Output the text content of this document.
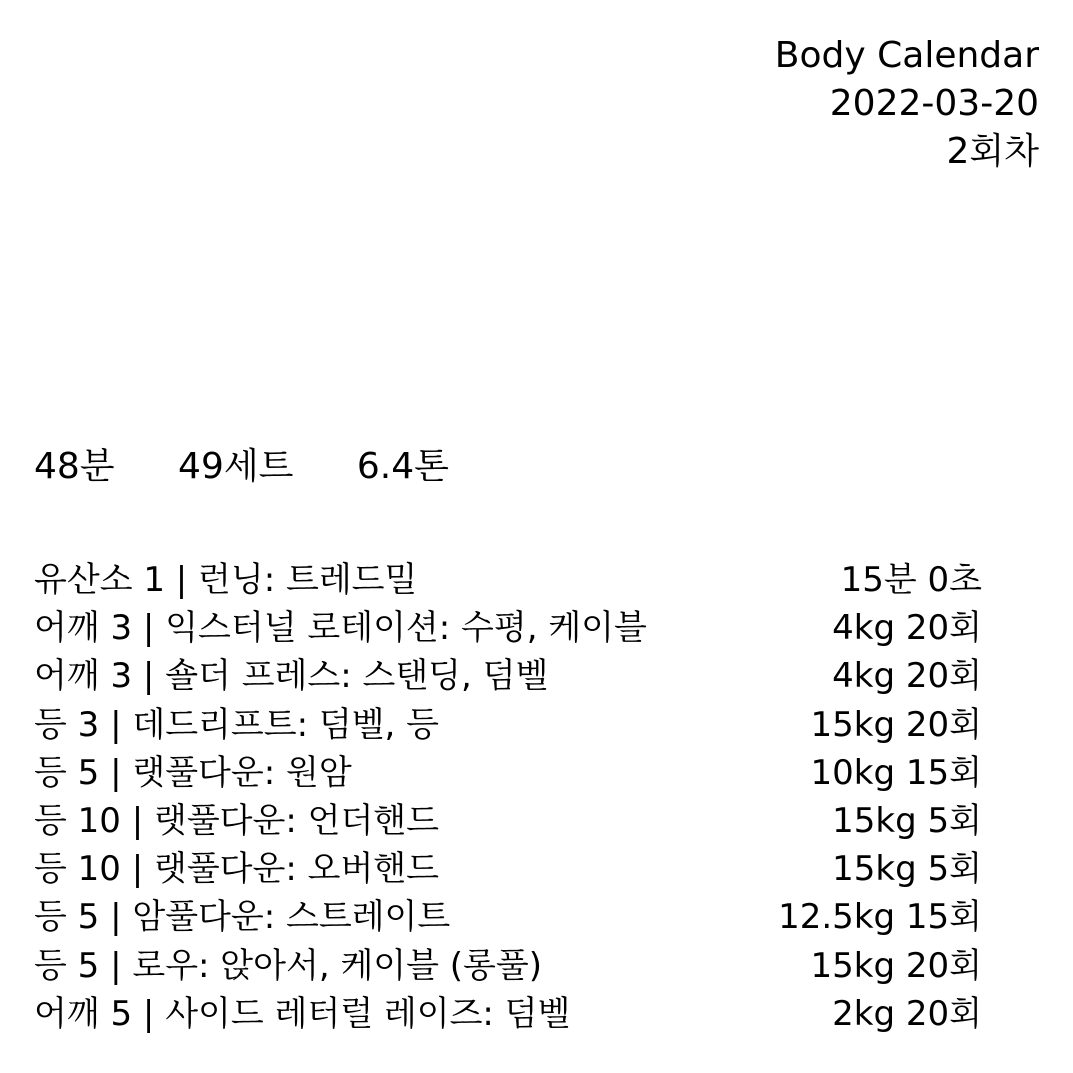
Body Calendar
2022-03-20
2회차
48분 49세트 6.4톤
유산소 1 | 런닝: 트레드밀	15분 0초
어깨 3 | 익스터널 로테이션: 수평, 케이블	4kg 20회
어깨 3 | 숄더 프레스: 스탠딩, 덤벨	4kg 20회
등 3 | 데드리프트: 덤벨, 등	15kg 20회
등 5 | 랫풀다운: 원암	10kg 15회
등 10 | 랫풀다운: 언더핸드	15kg 5회
등 10 | 랫풀다운: 오버핸드	15kg 5회
등 5 | 암풀다운: 스트레이트	12.5kg 15회
등 5 | 로우: 앉아서, 케이블 (롱풀)	15kg 20회
어깨 5 | 사이드 레터럴 레이즈: 덤벨	2kg 20회
